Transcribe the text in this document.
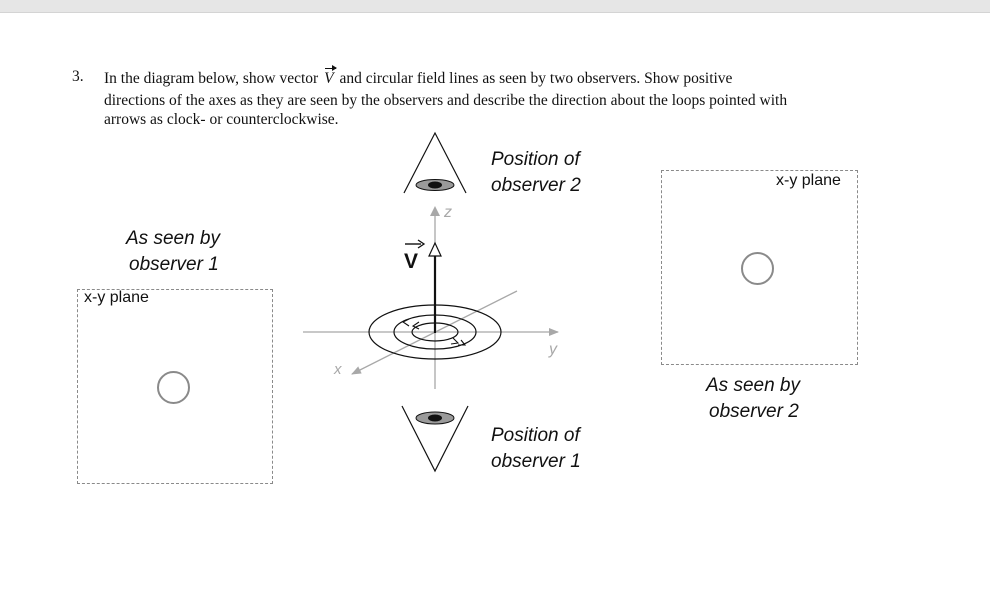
3. In the diagram below, show vector V and circular field lines as seen by two observers. Show positive
directions of the axes as they are seen by the observers and describe the direction about the loops pointed with
arrows as clock- or counterclockwise.
As seen by
observer 1
x-y plane
x-y plane
As seen by
observer 2
V
z
y
x
Position of
observer 2
Position of
observer 1
